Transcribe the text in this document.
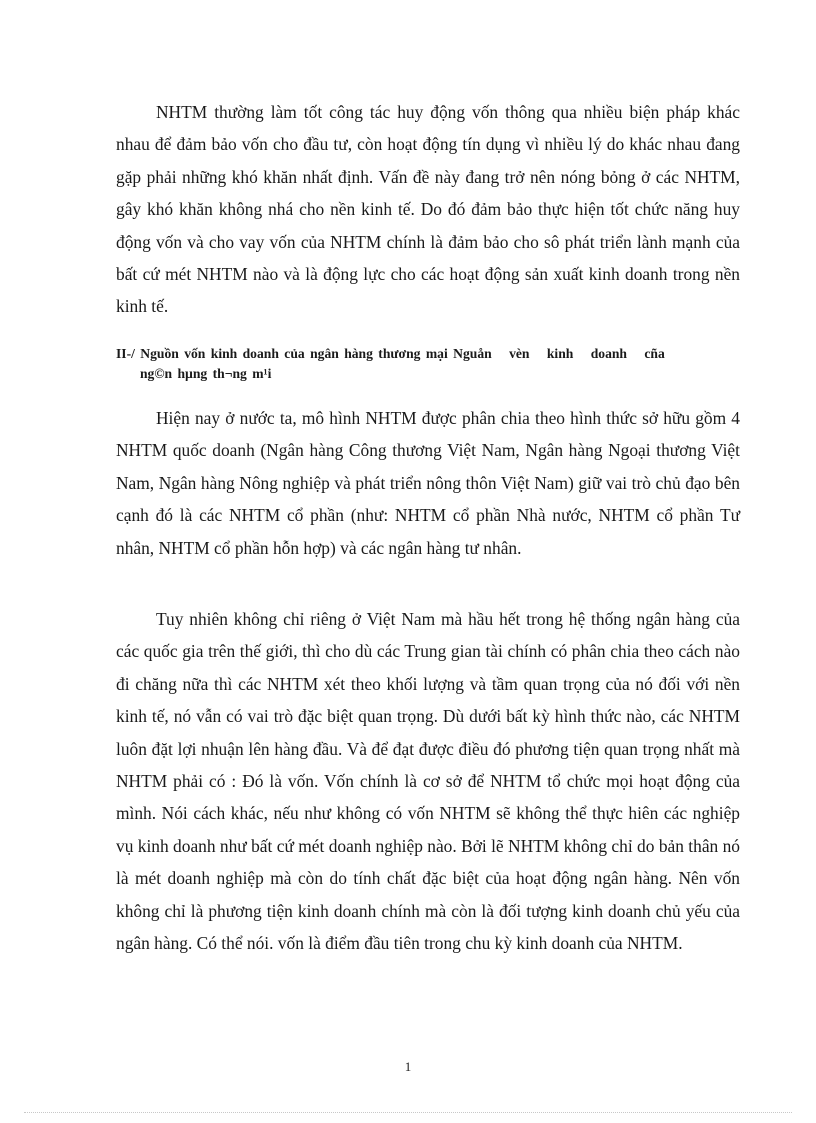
NHTM thường làm tốt công tác huy động vốn thông qua nhiều biện pháp khác nhau để đảm bảo vốn cho đầu tư, còn hoạt động tín dụng vì nhiều lý do khác nhau đang gặp phải những khó khăn nhất định. Vấn đề này đang trở nên nóng bỏng ở các NHTM, gây khó khăn không nhá cho nền kinh tế. Do đó đảm bảo thực hiện tốt chức năng huy động vốn và cho vay vốn của NHTM chính là đảm bảo cho sô phát triển lành mạnh của bất cứ mét NHTM nào và là động lực cho các hoạt động sản xuất kinh doanh trong nền kinh tế.

II-/ Nguồn vốn kinh doanh của ngân hàng thương mại Nguån vèn kinh doanh cña
ng©n hµng th¬ng m¹i

Hiện nay ở nước ta, mô hình NHTM được phân chia theo hình thức sở hữu gồm 4 NHTM quốc doanh (Ngân hàng Công thương Việt Nam, Ngân hàng Ngoại thương Việt Nam, Ngân hàng Nông nghiệp và phát triển nông thôn Việt Nam) giữ vai trò chủ đạo bên cạnh đó là các NHTM cổ phần (như: NHTM cổ phần Nhà nước, NHTM cổ phần Tư nhân, NHTM cổ phần hỗn hợp) và các ngân hàng tư nhân.

Tuy nhiên không chỉ riêng ở Việt Nam mà hầu hết trong hệ thống ngân hàng của các quốc gia trên thế giới, thì cho dù các Trung gian tài chính có phân chia theo cách nào đi chăng nữa thì các NHTM xét theo khối lượng và tầm quan trọng của nó đối với nền kinh tế, nó vẫn có vai trò đặc biệt quan trọng. Dù dưới bất kỳ hình thức nào, các NHTM luôn đặt lợi nhuận lên hàng đầu. Và để đạt được điều đó phương tiện quan trọng nhất mà NHTM phải có : Đó là vốn. Vốn chính là cơ sở để NHTM tổ chức mọi hoạt động của mình. Nói cách khác, nếu như không có vốn NHTM sẽ không thể thực hiên các nghiệp vụ kinh doanh như bất cứ mét doanh nghiệp nào. Bởi lẽ NHTM không chỉ do bản thân nó là mét doanh nghiệp mà còn do tính chất đặc biệt của hoạt động ngân hàng. Nên vốn không chỉ là phương tiện kinh doanh chính mà còn là đối tượng kinh doanh chủ yếu của ngân hàng. Có thể nói. vốn là điểm đầu tiên trong chu kỳ kinh doanh của NHTM.

1
